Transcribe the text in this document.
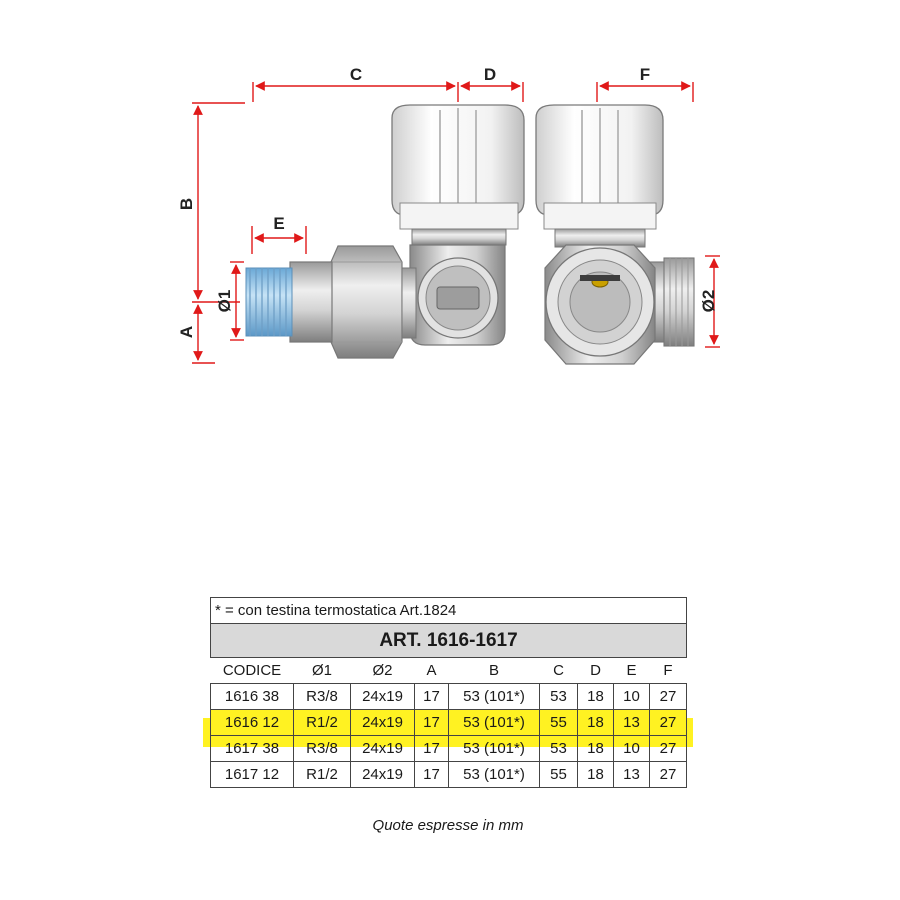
C	D	F
E
B
A
Ø1	Ø2
* = con testina termostatica Art.1824								
ART. 1616-1617								
CODICE	Ø1	Ø2	A	B	C	D	E	F
1616 38	R3/8	24x19	17	53 (101*)	53	18	10	27
1616 12	R1/2	24x19	17	53 (101*)	55	18	13	27
1617 38	R3/8	24x19	17	53 (101*)	53	18	10	27
1617 12	R1/2	24x19	17	53 (101*)	55	18	13	27
Quote espresse in mm
